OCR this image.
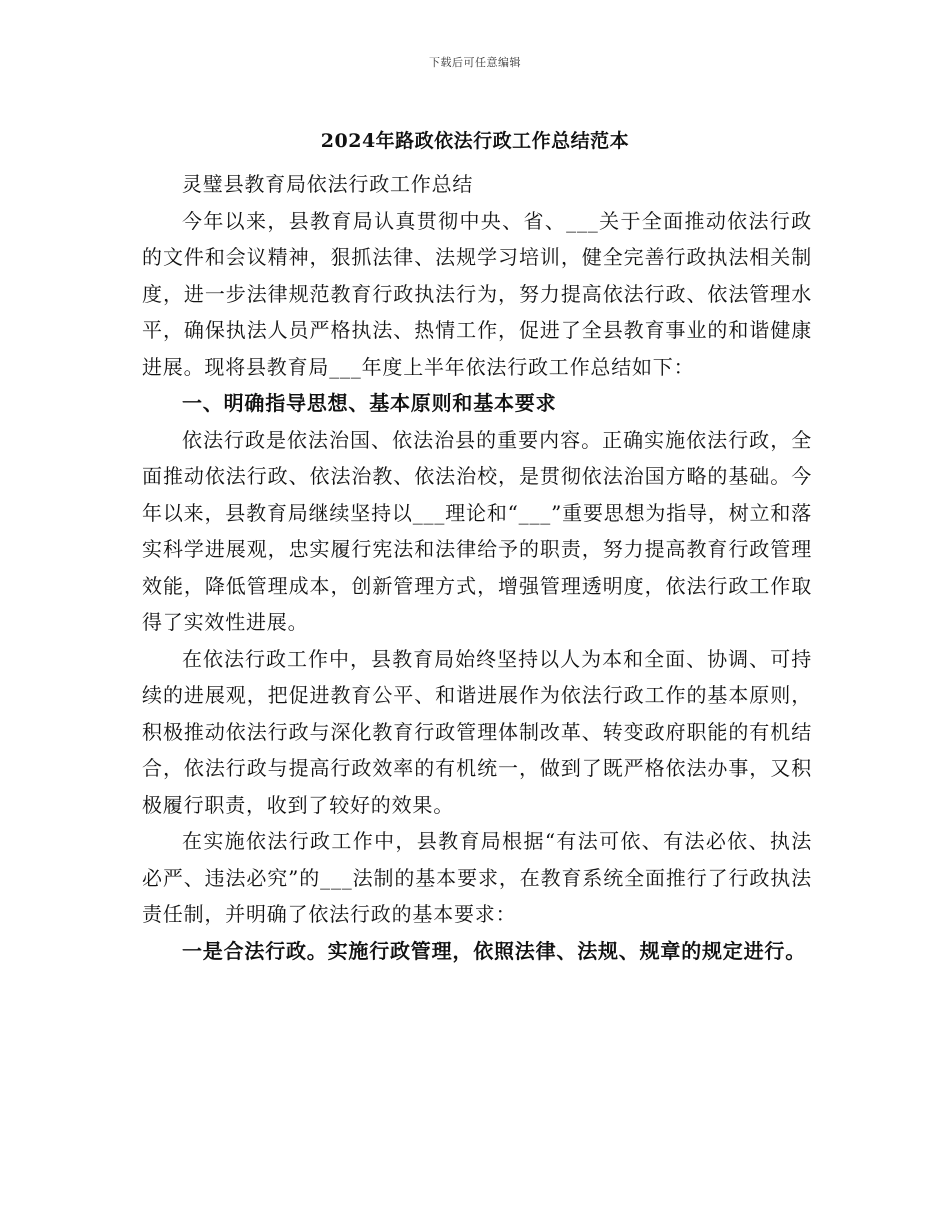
下载后可任意编辑
2024年路政依法行政工作总结范本

灵璧县教育局依法行政工作总结

今年以来，县教育局认真贯彻中央、省、___关于全面推动依法行政的文件和会议精神，狠抓法律、法规学习培训，健全完善行政执法相关制度，进一步法律规范教育行政执法行为，努力提高依法行政、依法管理水平，确保执法人员严格执法、热情工作，促进了全县教育事业的和谐健康进展。现将县教育局___年度上半年依法行政工作总结如下：

一、明确指导思想、基本原则和基本要求

依法行政是依法治国、依法治县的重要内容。正确实施依法行政，全面推动依法行政、依法治教、依法治校，是贯彻依法治国方略的基础。今年以来，县教育局继续坚持以___理论和“___”重要思想为指导，树立和落实科学进展观，忠实履行宪法和法律给予的职责，努力提高教育行政管理效能，降低管理成本，创新管理方式，增强管理透明度，依法行政工作取得了实效性进展。

在依法行政工作中，县教育局始终坚持以人为本和全面、协调、可持续的进展观，把促进教育公平、和谐进展作为依法行政工作的基本原则，积极推动依法行政与深化教育行政管理体制改革、转变政府职能的有机结合，依法行政与提高行政效率的有机统一，做到了既严格依法办事，又积极履行职责，收到了较好的效果。

在实施依法行政工作中，县教育局根据“有法可依、有法必依、执法必严、违法必究”的___法制的基本要求，在教育系统全面推行了行政执法责任制，并明确了依法行政的基本要求：

一是合法行政。实施行政管理，依照法律、法规、规章的规定进行。
